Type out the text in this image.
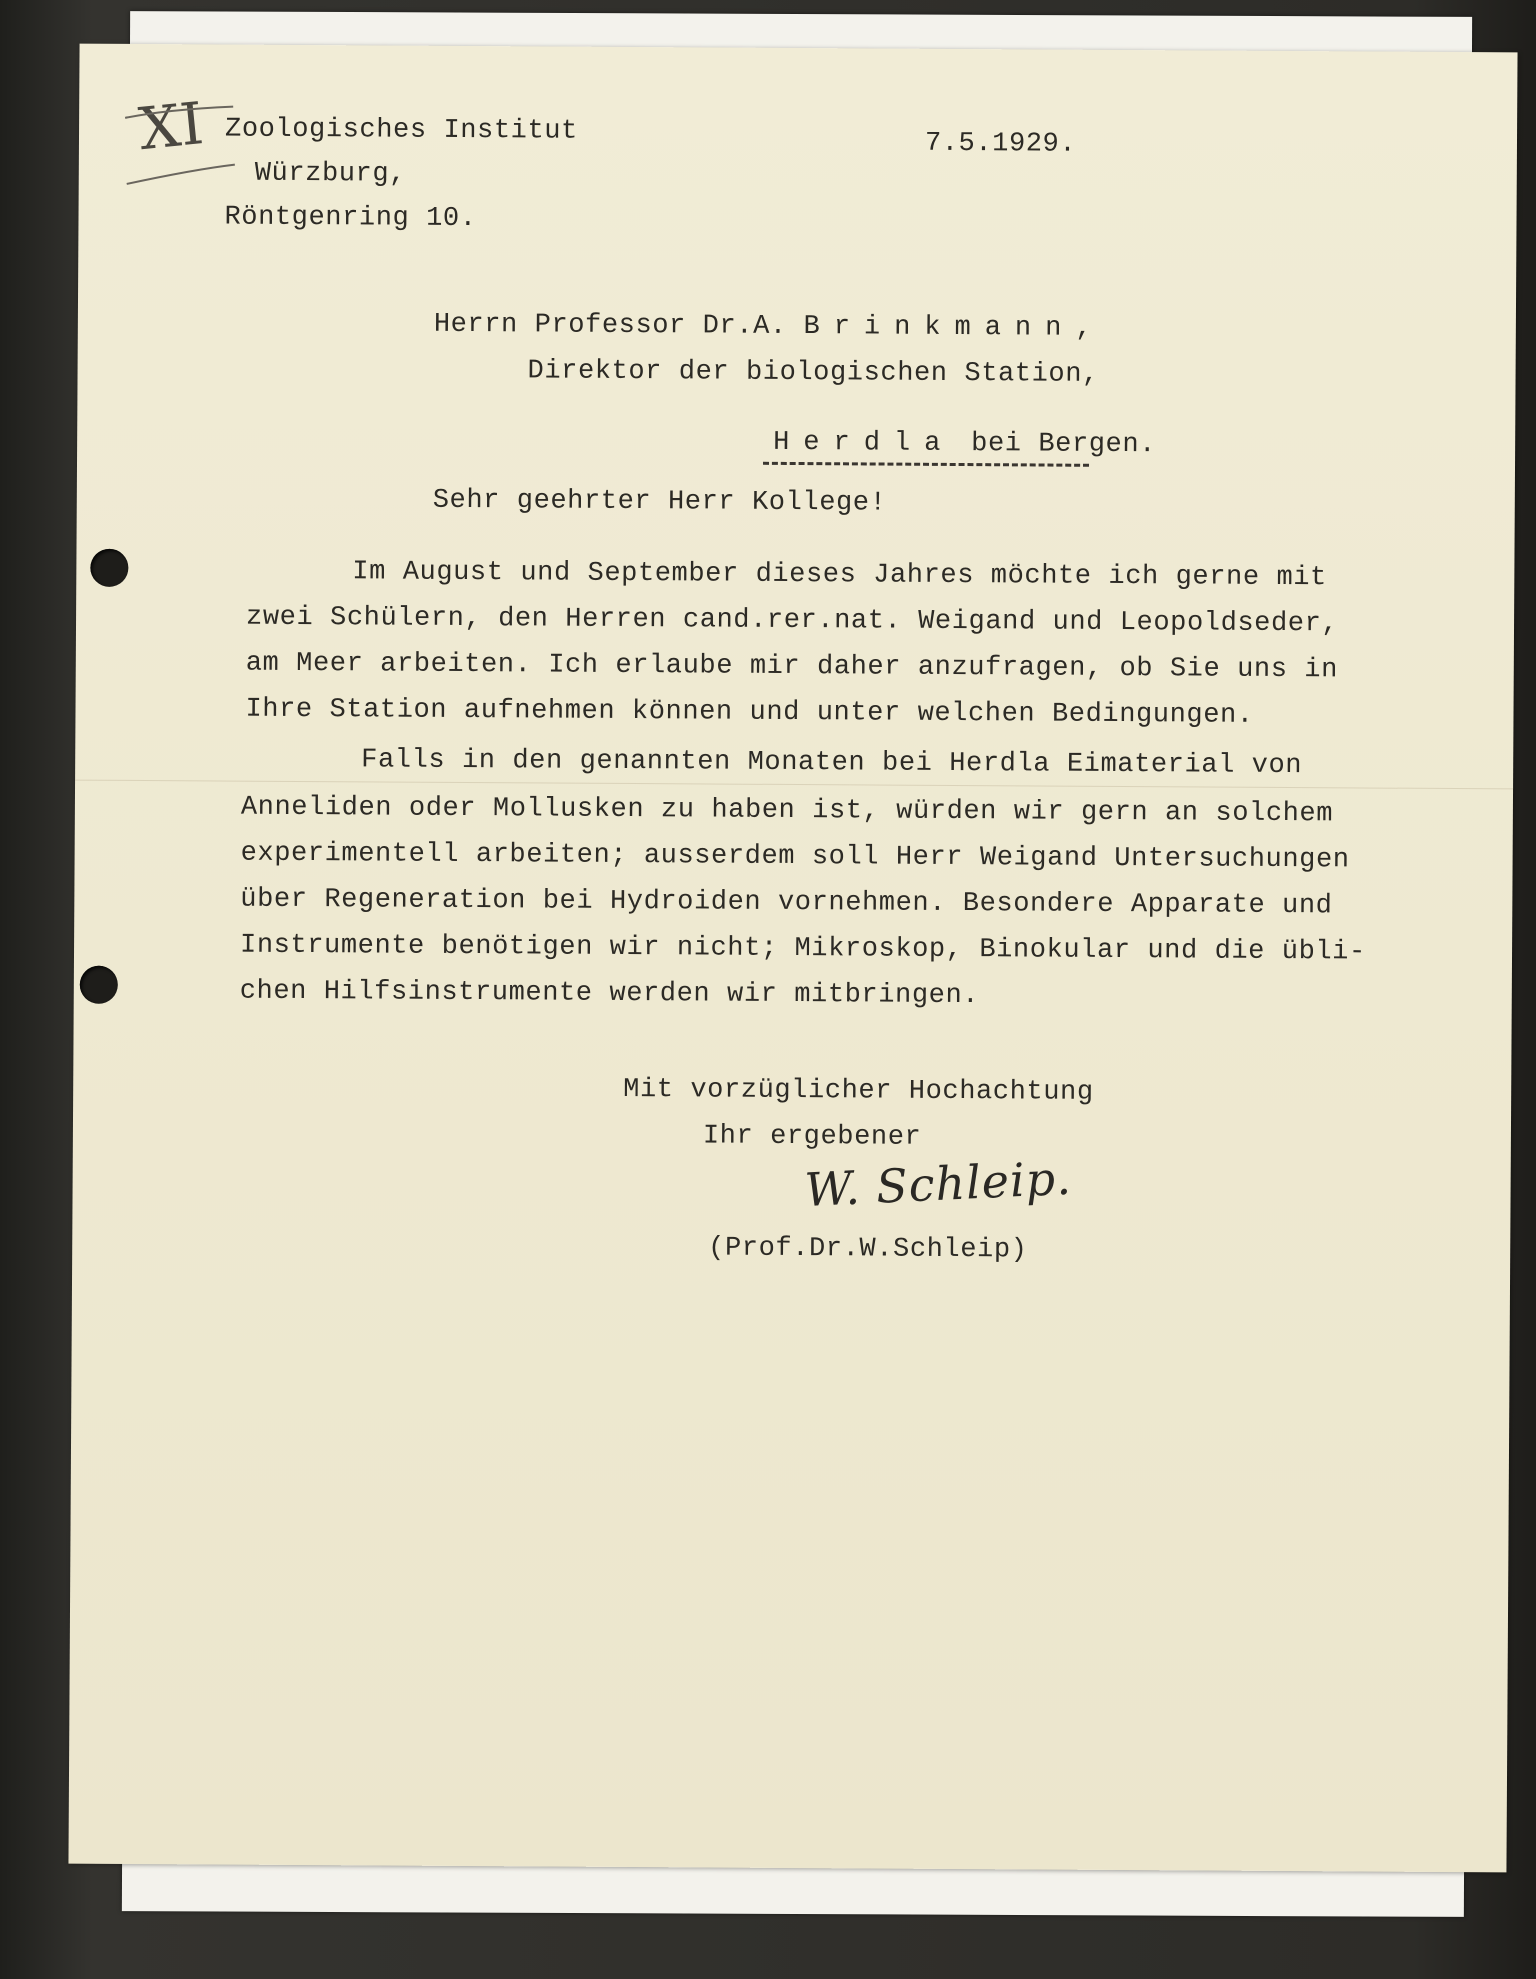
XI Zoologisches Institut
Würzburg,
Röntgenring 10.
7.5.1929.
Herrn Professor Dr.A. Brinkmann,
Direktor der biologischen Station,
Herdla bei Bergen.
Sehr geehrter Herr Kollege!
Im August und September dieses Jahres möchte ich gerne mit
zwei Schülern, den Herren cand.rer.nat. Weigand und Leopoldseder,
am Meer arbeiten. Ich erlaube mir daher anzufragen, ob Sie uns in
Ihre Station aufnehmen können und unter welchen Bedingungen.
Falls in den genannten Monaten bei Herdla Eimaterial von
Anneliden oder Mollusken zu haben ist, würden wir gern an solchem
experimentell arbeiten; ausserdem soll Herr Weigand Untersuchungen
über Regeneration bei Hydroiden vornehmen. Besondere Apparate und
Instrumente benötigen wir nicht; Mikroskop, Binokular und die übli-
chen Hilfsinstrumente werden wir mitbringen.
Mit vorzüglicher Hochachtung
Ihr ergebener
W. Schleip.
(Prof.Dr.W.Schleip)
